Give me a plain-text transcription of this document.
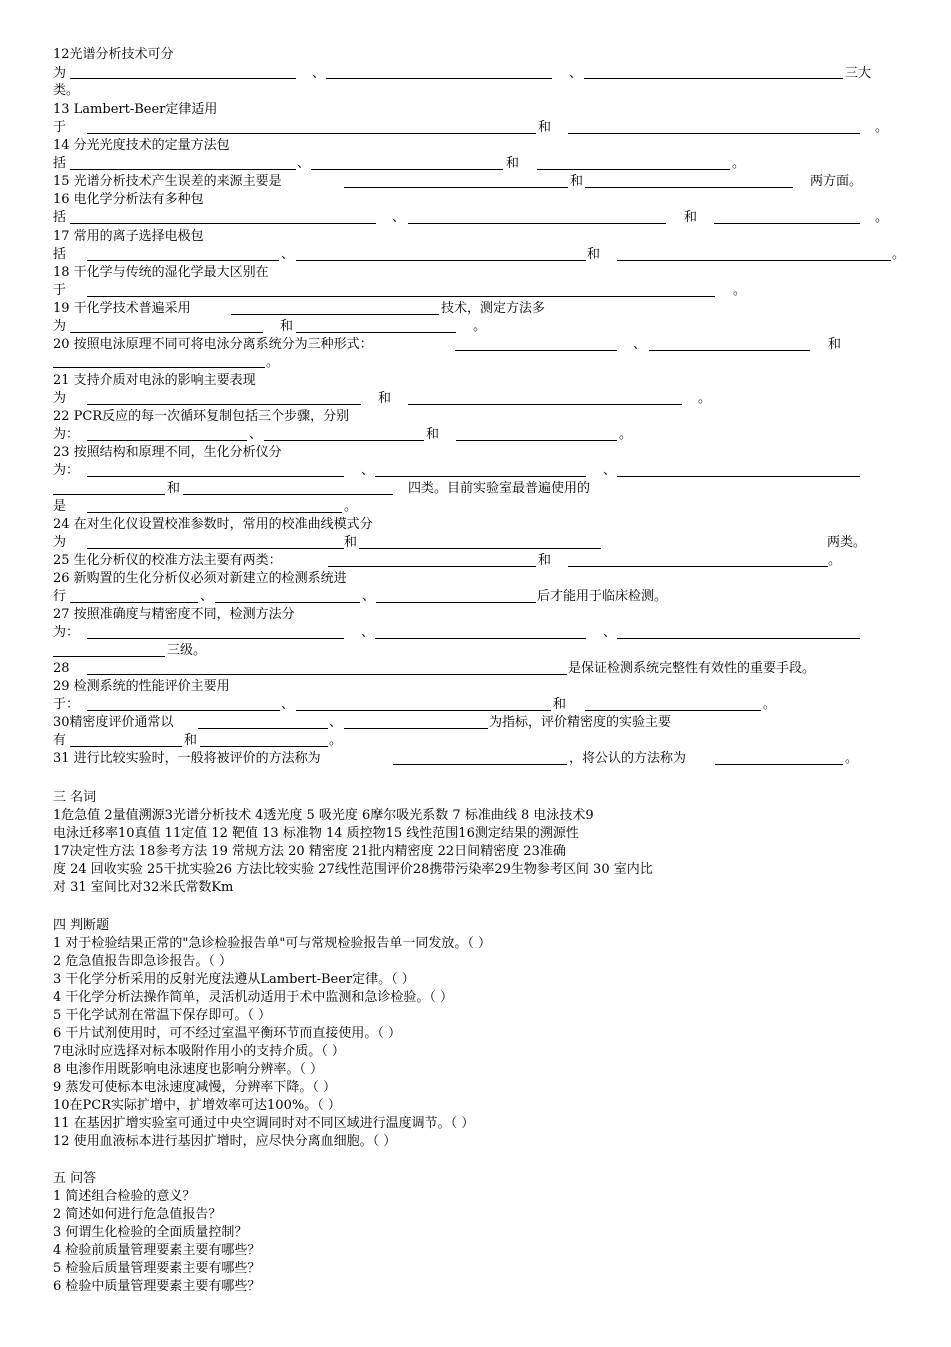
12光谱分析技术可分
为	、	、	三大
类。
13 Lambert-Beer定律适用
于	和	。
14 分光光度技术的定量方法包
括	、	和	。
15 光谱分析技术产生误差的来源主要是	和	两方面。
16 电化学分析法有多种包
括	、	和	。
17 常用的离子选择电极包
括	、	和	。
18 干化学与传统的湿化学最大区别在
于	。
19 干化学技术普遍采用	技术，测定方法多
为	和	。
20 按照电泳原理不同可将电泳分离系统分为三种形式：	、	和
。
21 支持介质对电泳的影响主要表现
为	和	。
22 PCR反应的每一次循环复制包括三个步骤，分别
为：	、	和	。
23 按照结构和原理不同，生化分析仪分
为：	、	、
和	四类。目前实验室最普遍使用的
是	。
24 在对生化仪设置校准参数时，常用的校准曲线模式分
为	和	两类。
25 生化分析仪的校准方法主要有两类：	和	。
26 新购置的生化分析仪必须对新建立的检测系统进
行	、	、	后才能用于临床检测。
27 按照准确度与精密度不同，检测方法分
为：	、	、
三级。
28	是保证检测系统完整性有效性的重要手段。
29 检测系统的性能评价主要用
于：	、	和	。
30精密度评价通常以	、	为指标，评价精密度的实验主要
有	和	。
31 进行比较实验时，一般将被评价的方法称为	，将公认的方法称为	。
三 名词
1危急值 2量值溯源3光谱分析技术 4透光度 5 吸光度 6摩尔吸光系数 7 标准曲线 8 电泳技术9
电泳迁移率10真值 11定值 12 靶值 13 标准物 14 质控物15 线性范围16测定结果的溯源性
17决定性方法 18参考方法 19 常规方法 20 精密度 21批内精密度 22日间精密度 23准确
度 24 回收实验 25干扰实验26 方法比较实验 27线性范围评价28携带污染率29生物参考区间 30 室内比
对 31 室间比对32米氏常数Km
四 判断题
1 对于检验结果正常的"急诊检验报告单"可与常规检验报告单一同发放。（ ）
2 危急值报告即急诊报告。（ ）
3 干化学分析采用的反射光度法遵从Lambert-Beer定律。（ ）
4 干化学分析法操作简单，灵活机动适用于术中监测和急诊检验。（ ）
5 干化学试剂在常温下保存即可。（ ）
6 干片试剂使用时，可不经过室温平衡环节而直接使用。（ ）
7电泳时应选择对标本吸附作用小的支持介质。（ ）
8 电渗作用既影响电泳速度也影响分辨率。（ ）
9 蒸发可使标本电泳速度减慢，分辨率下降。（ ）
10在PCR实际扩增中，扩增效率可达100%。（ ）
11 在基因扩增实验室可通过中央空调同时对不同区域进行温度调节。（ ）
12 使用血液标本进行基因扩增时，应尽快分离血细胞。（ ）
五 问答
1 简述组合检验的意义？
2 简述如何进行危急值报告？
3 何谓生化检验的全面质量控制？
4 检验前质量管理要素主要有哪些？
5 检验后质量管理要素主要有哪些？
6 检验中质量管理要素主要有哪些？
